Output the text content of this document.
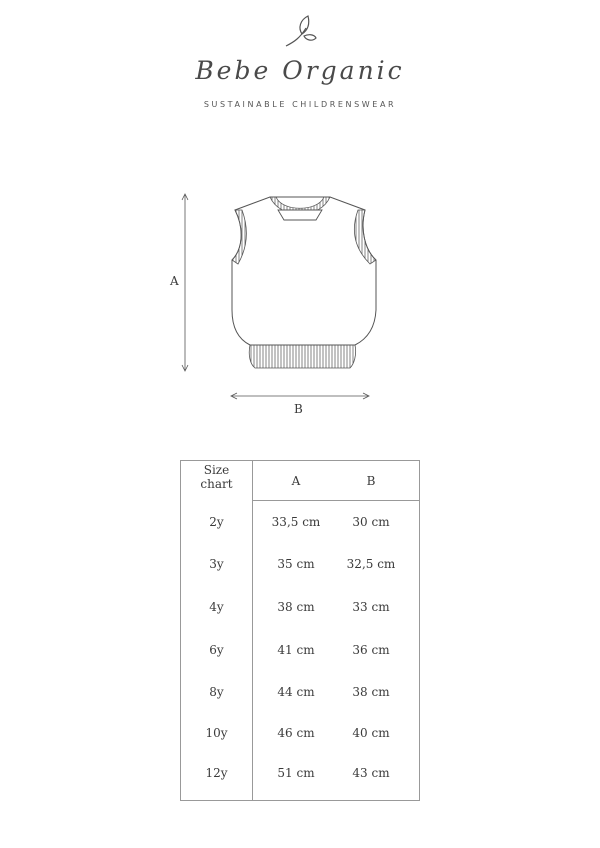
Bebe Organic
SUSTAINABLE CHILDRENSWEAR
A
B
Size
chart	A	B
2y	33,5 cm	30 cm
3y	35 cm	32,5 cm
4y	38 cm	33 cm
6y	41 cm	36 cm
8y	44 cm	38 cm
10y	46 cm	40 cm
12y	51 cm	43 cm
